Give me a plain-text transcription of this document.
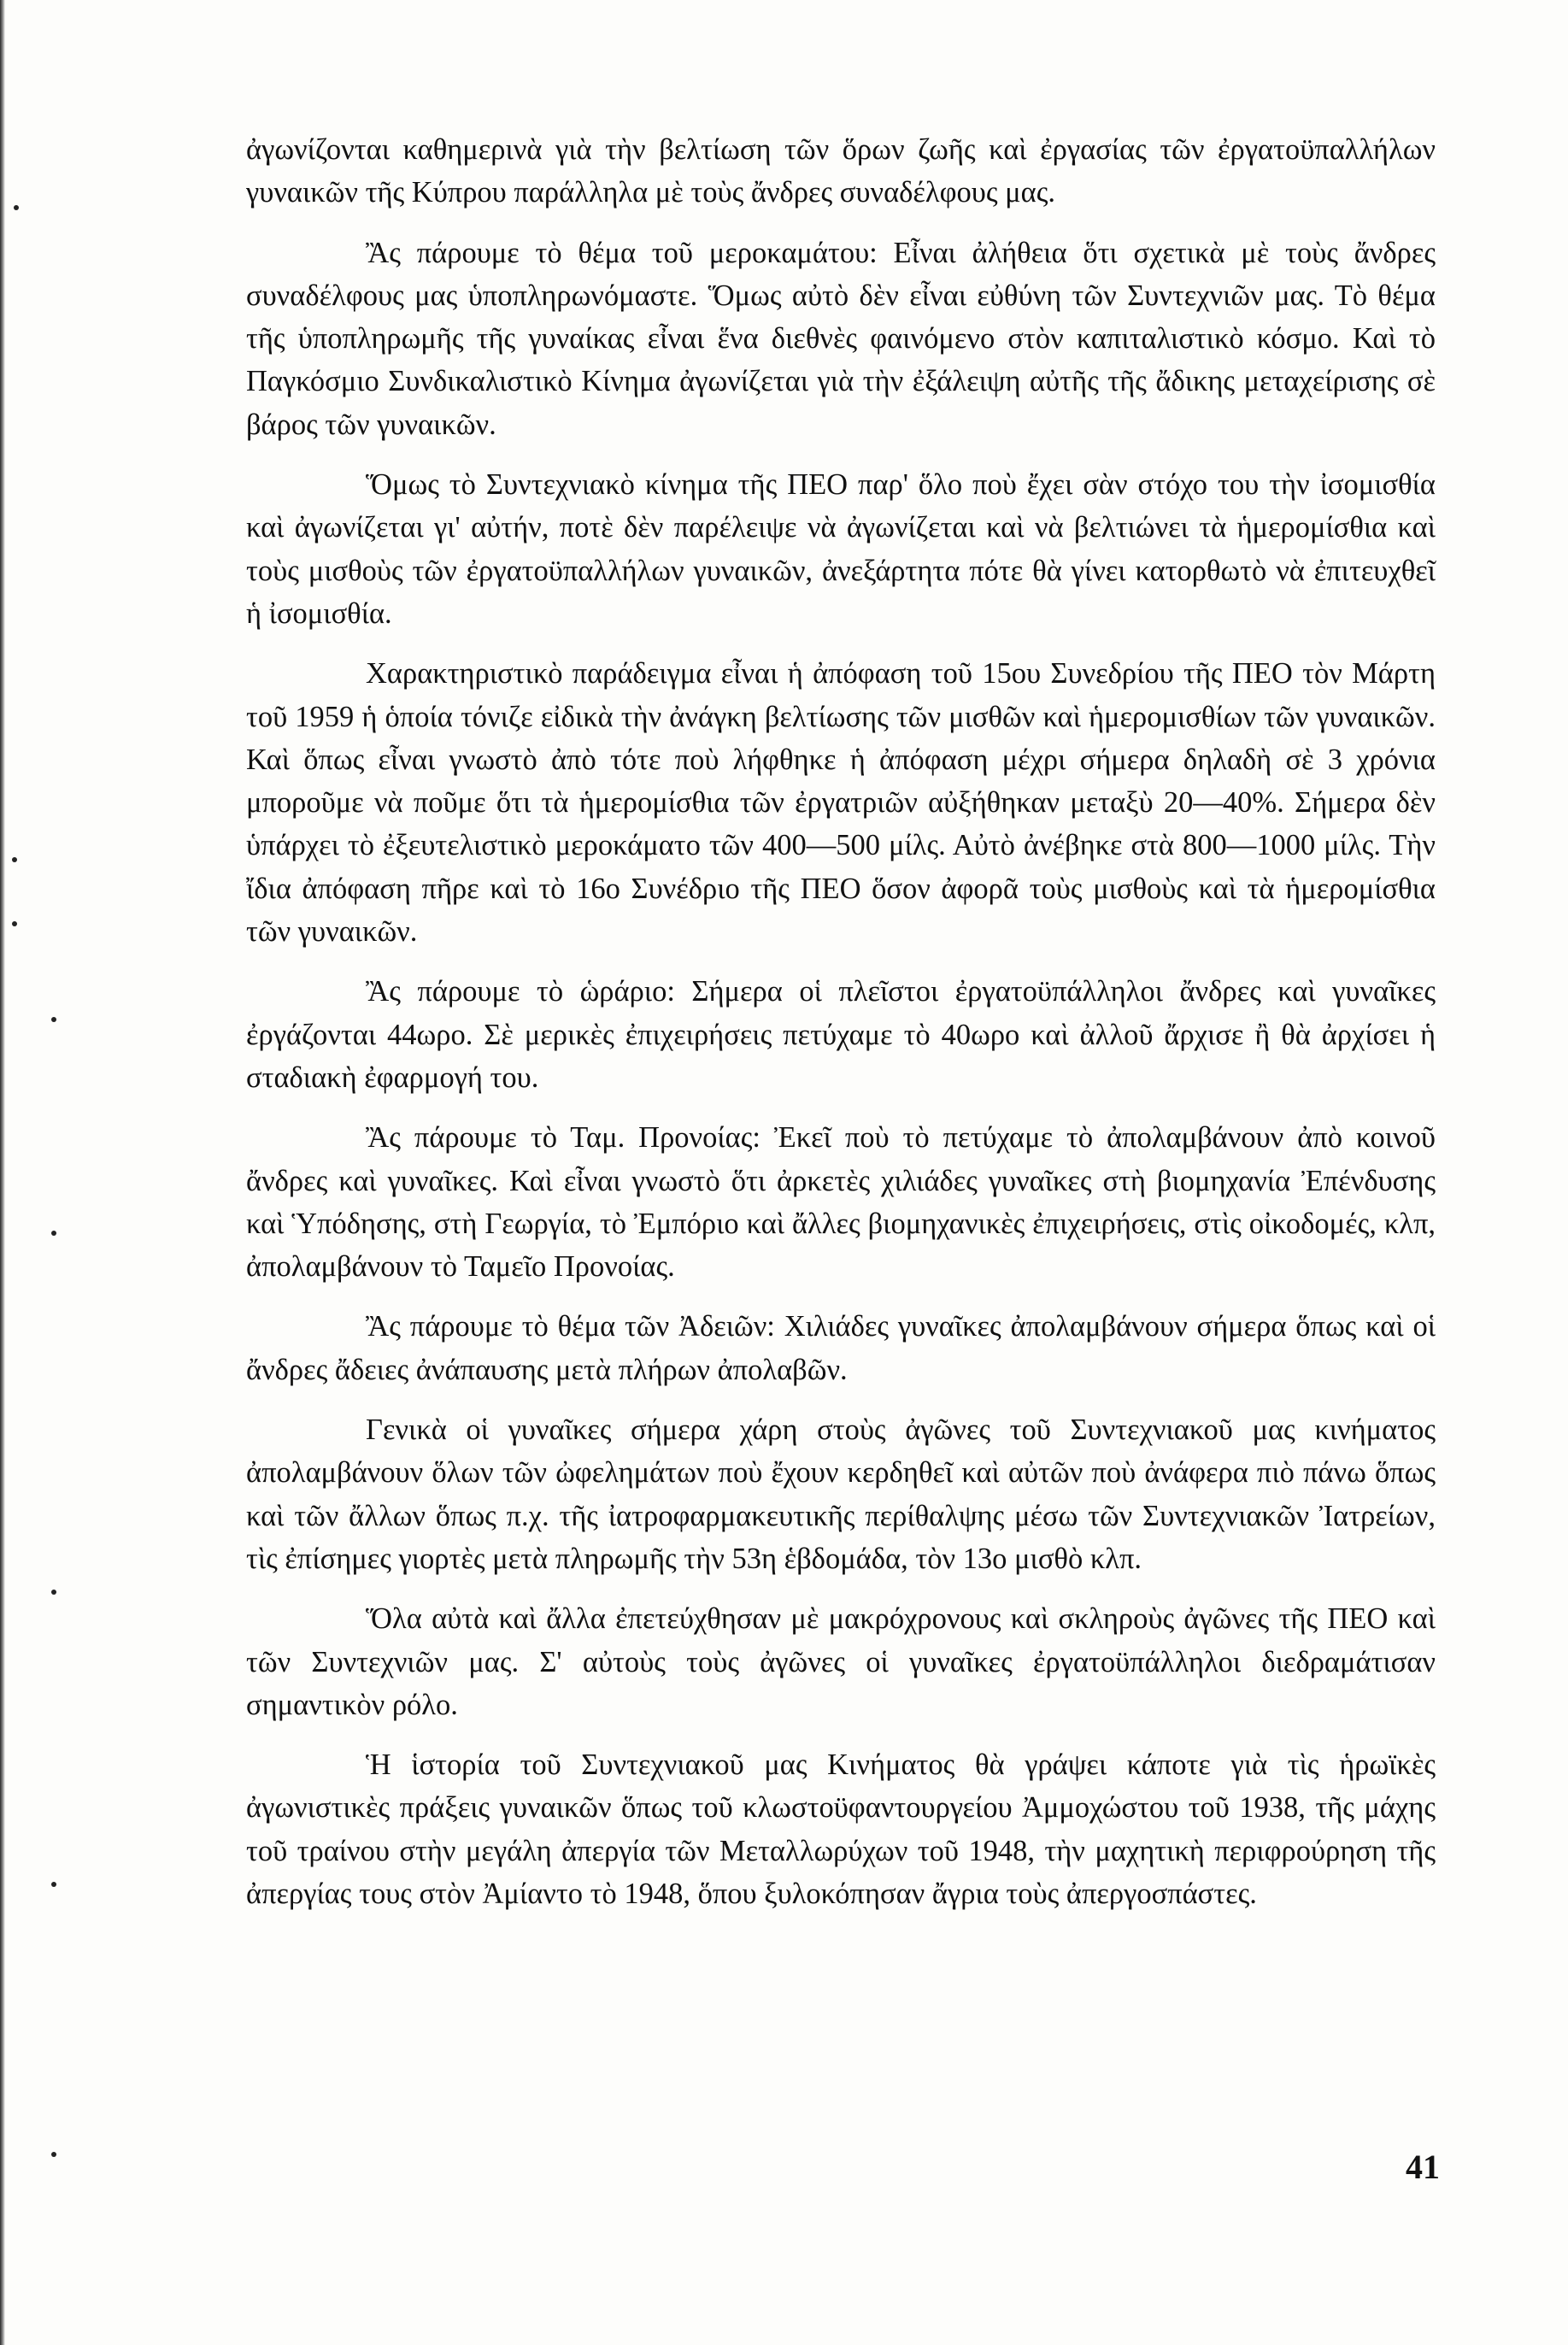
ἀγωνίζονται καθημερινὰ γιὰ τὴν βελτίωση τῶν ὅρων ζωῆς καὶ ἐργασίας τῶν ἐργατοϋπαλλήλων γυναικῶν τῆς Κύπρου παράλληλα μὲ τοὺς ἄνδρες συναδέλφους μας.

Ἂς πάρουμε τὸ θέμα τοῦ μεροκαμάτου: Εἶναι ἀλήθεια ὅτι σχετικὰ μὲ τοὺς ἄνδρες συναδέλφους μας ὑποπληρωνόμαστε. Ὅμως αὐτὸ δὲν εἶναι εὐθύνη τῶν Συντεχνιῶν μας. Τὸ θέμα τῆς ὑποπληρωμῆς τῆς γυναίκας εἶναι ἕνα διεθνὲς φαινόμενο στὸν καπιταλιστικὸ κόσμο. Καὶ τὸ Παγκόσμιο Συνδικαλιστικὸ Κίνημα ἀγωνίζεται γιὰ τὴν ἐξάλειψη αὐτῆς τῆς ἄδικης μεταχείρισης σὲ βάρος τῶν γυναικῶν.

Ὅμως τὸ Συντεχνιακὸ κίνημα τῆς ΠΕΟ παρ' ὅλο ποὺ ἔχει σὰν στόχο του τὴν ἰσομισθία καὶ ἀγωνίζεται γι' αὐτήν, ποτὲ δὲν παρέλειψε νὰ ἀγωνίζεται καὶ νὰ βελτιώνει τὰ ἡμερομίσθια καὶ τοὺς μισθοὺς τῶν ἐργατοϋπαλλήλων γυναικῶν, ἀνεξάρτητα πότε θὰ γίνει κατορθωτὸ νὰ ἐπιτευχθεῖ ἡ ἰσομισθία.

Χαρακτηριστικὸ παράδειγμα εἶναι ἡ ἀπόφαση τοῦ 15ου Συνεδρίου τῆς ΠΕΟ τὸν Μάρτη τοῦ 1959 ἡ ὁποία τόνιζε εἰδικὰ τὴν ἀνάγκη βελτίωσης τῶν μισθῶν καὶ ἡμερομισθίων τῶν γυναικῶν. Καὶ ὅπως εἶναι γνωστὸ ἀπὸ τότε ποὺ λήφθηκε ἡ ἀπόφαση μέχρι σήμερα δηλαδὴ σὲ 3 χρόνια μποροῦμε νὰ ποῦμε ὅτι τὰ ἡμερομίσθια τῶν ἐργατριῶν αὐξήθηκαν μεταξὺ 20—40%. Σήμερα δὲν ὑπάρχει τὸ ἐξευτελιστικὸ μεροκάματο τῶν 400—500 μίλς. Αὐτὸ ἀνέβηκε στὰ 800—1000 μίλς. Τὴν ἴδια ἀπόφαση πῆρε καὶ τὸ 16ο Συνέδριο τῆς ΠΕΟ ὅσον ἀφορᾶ τοὺς μισθοὺς καὶ τὰ ἡμερομίσθια τῶν γυναικῶν.

Ἂς πάρουμε τὸ ὡράριο: Σήμερα οἱ πλεῖστοι ἐργατοϋπάλληλοι ἄνδρες καὶ γυναῖκες ἐργάζονται 44ωρο. Σὲ μερικὲς ἐπιχειρήσεις πετύχαμε τὸ 40ωρο καὶ ἀλλοῦ ἄρχισε ἢ θὰ ἀρχίσει ἡ σταδιακὴ ἐφαρμογή του.

Ἂς πάρουμε τὸ Ταμ. Προνοίας: Ἐκεῖ ποὺ τὸ πετύχαμε τὸ ἀπολαμβάνουν ἀπὸ κοινοῦ ἄνδρες καὶ γυναῖκες. Καὶ εἶναι γνωστὸ ὅτι ἀρκετὲς χιλιάδες γυναῖκες στὴ βιομηχανία Ἐπένδυσης καὶ Ὑπόδησης, στὴ Γεωργία, τὸ Ἐμπόριο καὶ ἄλλες βιομηχανικὲς ἐπιχειρήσεις, στὶς οἰκοδομές, κλπ, ἀπολαμβάνουν τὸ Ταμεῖο Προνοίας.

Ἂς πάρουμε τὸ θέμα τῶν Ἀδειῶν: Χιλιάδες γυναῖκες ἀπολαμβάνουν σήμερα ὅπως καὶ οἱ ἄνδρες ἄδειες ἀνάπαυσης μετὰ πλήρων ἀπολαβῶν.

Γενικὰ οἱ γυναῖκες σήμερα χάρη στοὺς ἀγῶνες τοῦ Συντεχνιακοῦ μας κινήματος ἀπολαμβάνουν ὅλων τῶν ὠφελημάτων ποὺ ἔχουν κερδηθεῖ καὶ αὐτῶν ποὺ ἀνάφερα πιὸ πάνω ὅπως καὶ τῶν ἄλλων ὅπως π.χ. τῆς ἰατροφαρμακευτικῆς περίθαλψης μέσω τῶν Συντεχνιακῶν Ἰατρείων, τὶς ἐπίσημες γιορτὲς μετὰ πληρωμῆς τὴν 53η ἑβδομάδα, τὸν 13ο μισθὸ κλπ.

Ὅλα αὐτὰ καὶ ἄλλα ἐπετεύχθησαν μὲ μακρόχρονους καὶ σκληροὺς ἀγῶνες τῆς ΠΕΟ καὶ τῶν Συντεχνιῶν μας. Σ' αὐτοὺς τοὺς ἀγῶνες οἱ γυναῖκες ἐργατοϋπάλληλοι διεδραμάτισαν σημαντικὸν ρόλο.

Ἡ ἱστορία τοῦ Συντεχνιακοῦ μας Κινήματος θὰ γράψει κάποτε γιὰ τὶς ἡρωϊκὲς ἀγωνιστικὲς πράξεις γυναικῶν ὅπως τοῦ κλωστοϋφαντουργείου Ἀμμοχώστου τοῦ 1938, τῆς μάχης τοῦ τραίνου στὴν μεγάλη ἀπεργία τῶν Μεταλλωρύχων τοῦ 1948, τὴν μαχητικὴ περιφρούρηση τῆς ἀπεργίας τους στὸν Ἀμίαντο τὸ 1948, ὅπου ξυλοκόπησαν ἄγρια τοὺς ἀπεργοσπάστες.

41
